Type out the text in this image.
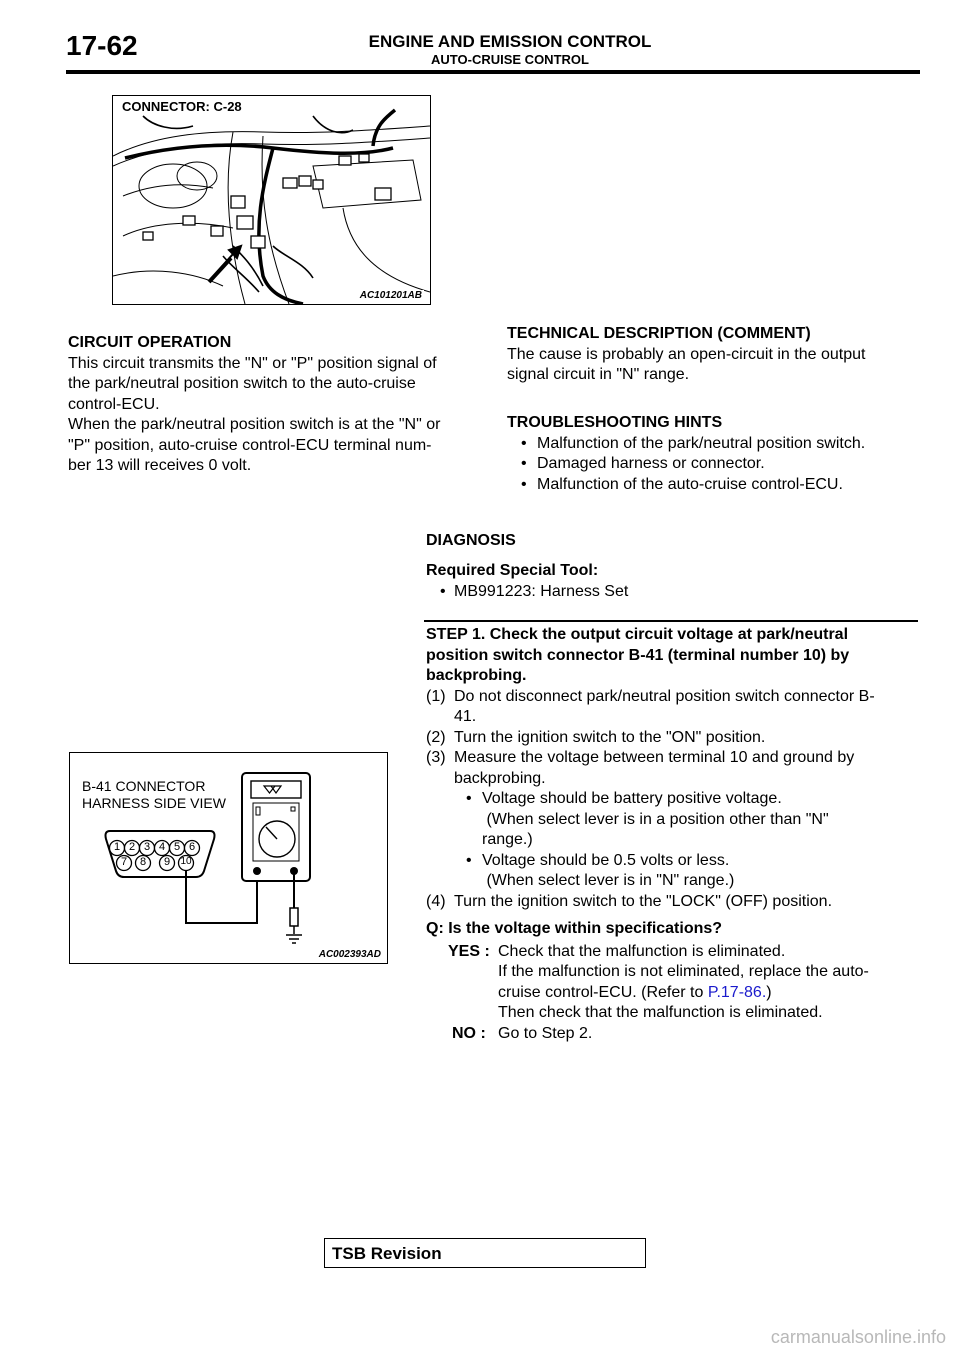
17-62	ENGINE AND EMISSION CONTROL
AUTO-CRUISE CONTROL
CONNECTOR: C-28
AC101201AB
CIRCUIT OPERATION
This circuit transmits the "N" or "P" position signal of
the park/neutral position switch to the auto-cruise
control-ECU.
When the park/neutral position switch is at the "N" or
"P" position, auto-cruise control-ECU terminal num-
ber 13 will receives 0 volt.
TECHNICAL DESCRIPTION (COMMENT)
The cause is probably an open-circuit in the output
signal circuit in "N" range.
TROUBLESHOOTING HINTS
• Malfunction of the park/neutral position switch.
• Damaged harness or connector.
• Malfunction of the auto-cruise control-ECU.
DIAGNOSIS
Required Special Tool:
• MB991223: Harness Set
STEP 1. Check the output circuit voltage at park/neutral
position switch connector B-41 (terminal number 10) by
backprobing.
(1) Do not disconnect park/neutral position switch connector B-
41.
(2) Turn the ignition switch to the "ON" position.
(3) Measure the voltage between terminal 10 and ground by
backprobing.
• Voltage should be battery positive voltage.
(When select lever is in a position other than "N"
range.)
• Voltage should be 0.5 volts or less.
(When select lever is in "N" range.)
(4) Turn the ignition switch to the "LOCK" (OFF) position.
Q: Is the voltage within specifications?
YES : Check that the malfunction is eliminated.
If the malfunction is not eliminated, replace the auto-
cruise control-ECU. (Refer to P.17-86.)
Then check that the malfunction is eliminated.
NO : Go to Step 2.
B-41 CONNECTOR
HARNESS SIDE VIEW
1 2 3 4 5 6
7	8	9	10
AC002393AD
TSB Revision
carmanualsonline.info
